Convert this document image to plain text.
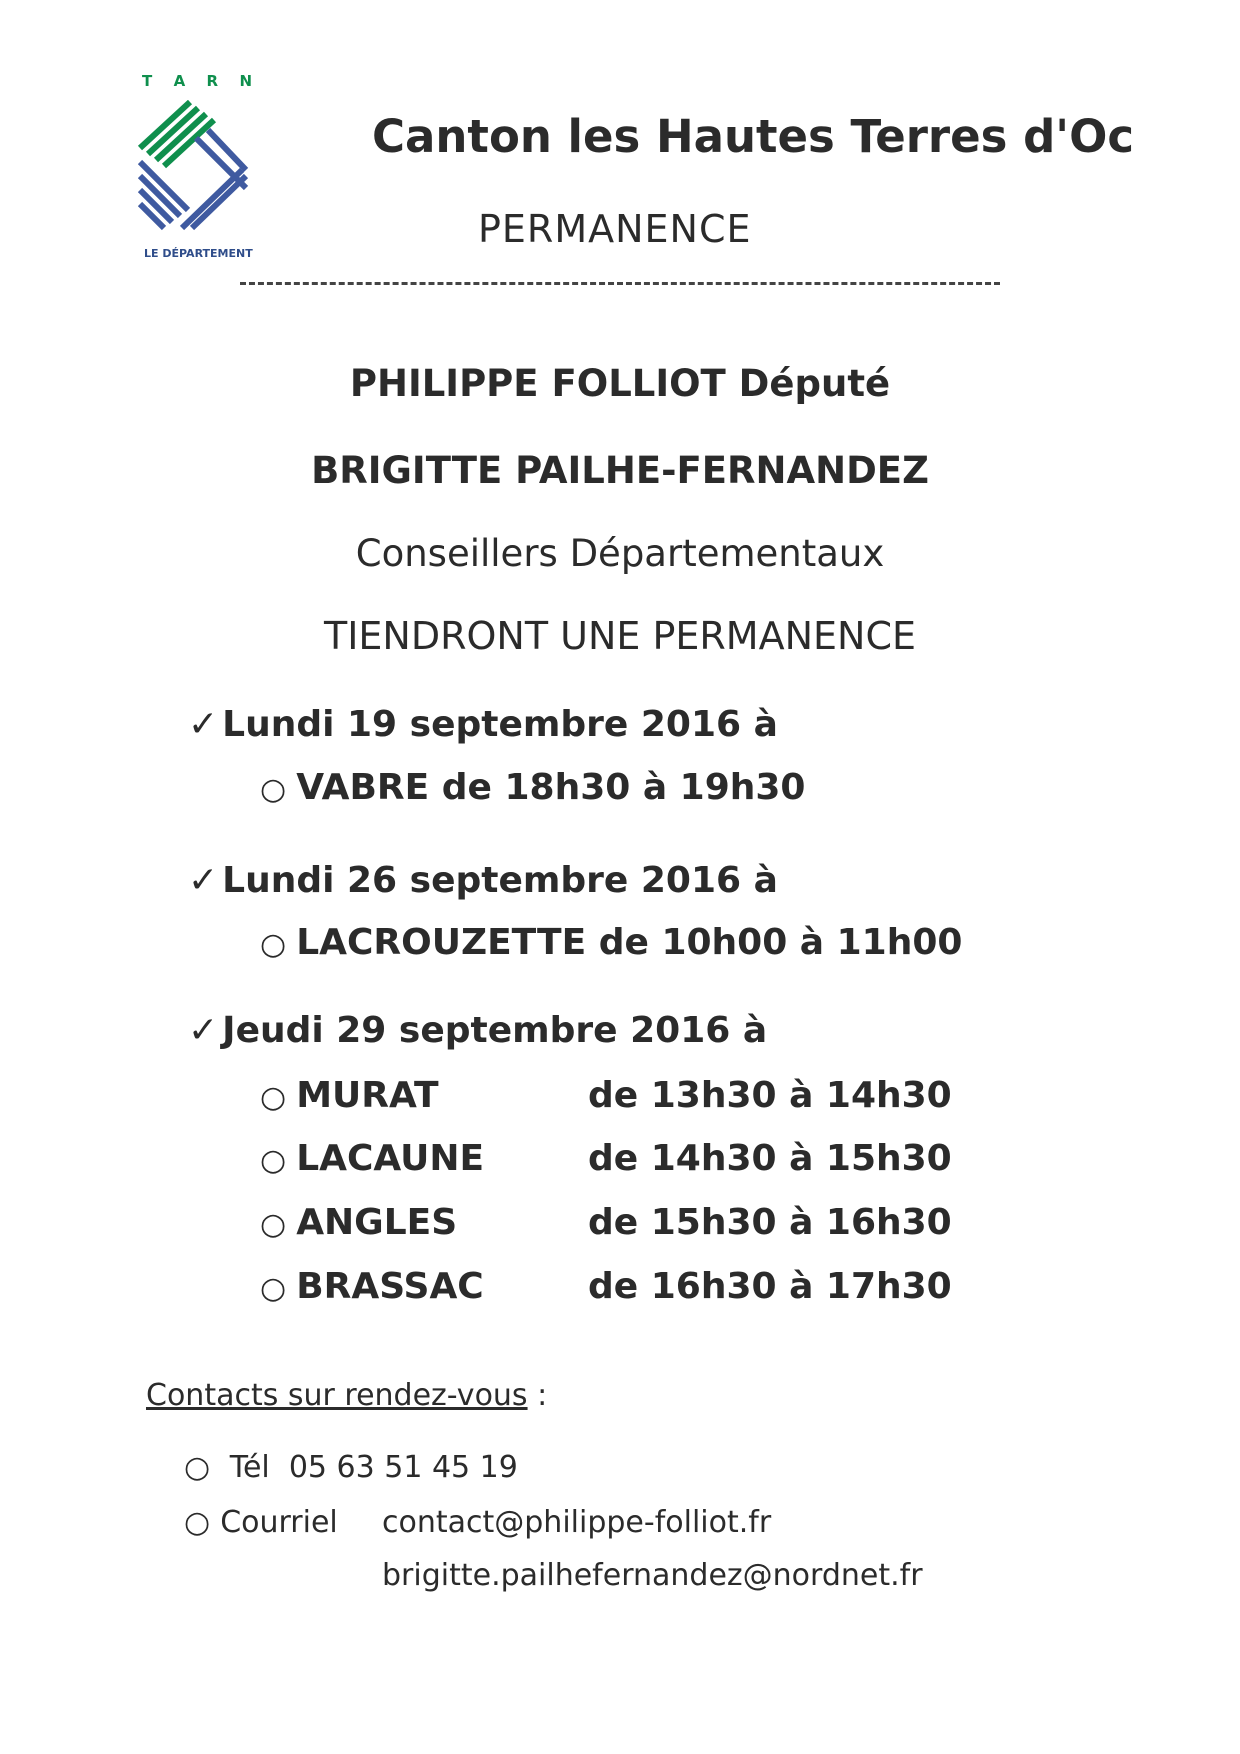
T A R N
LE DÉPARTEMENT
Canton les Hautes Terres d'Oc
PERMANENCE
PHILIPPE FOLLIOT Député
BRIGITTE PAILHE-FERNANDEZ
Conseillers Départementaux
TIENDRONT UNE PERMANENCE
✓ Lundi 19 septembre 2016 à
○ VABRE de 18h30 à 19h30
✓ Lundi 26 septembre 2016 à
○ LACROUZETTE de 10h00 à 11h00
✓ Jeudi 29 septembre 2016 à
○ MURAT	de 13h30 à 14h30
○ LACAUNE	de 14h30 à 15h30
○ ANGLES	de 15h30 à 16h30
○ BRASSAC	de 16h30 à 17h30
Contacts sur rendez-vous :
○ Tél 05 63 51 45 19
○ Courriel contact@philippe-folliot.fr
brigitte.pailhefernandez@nordnet.fr
